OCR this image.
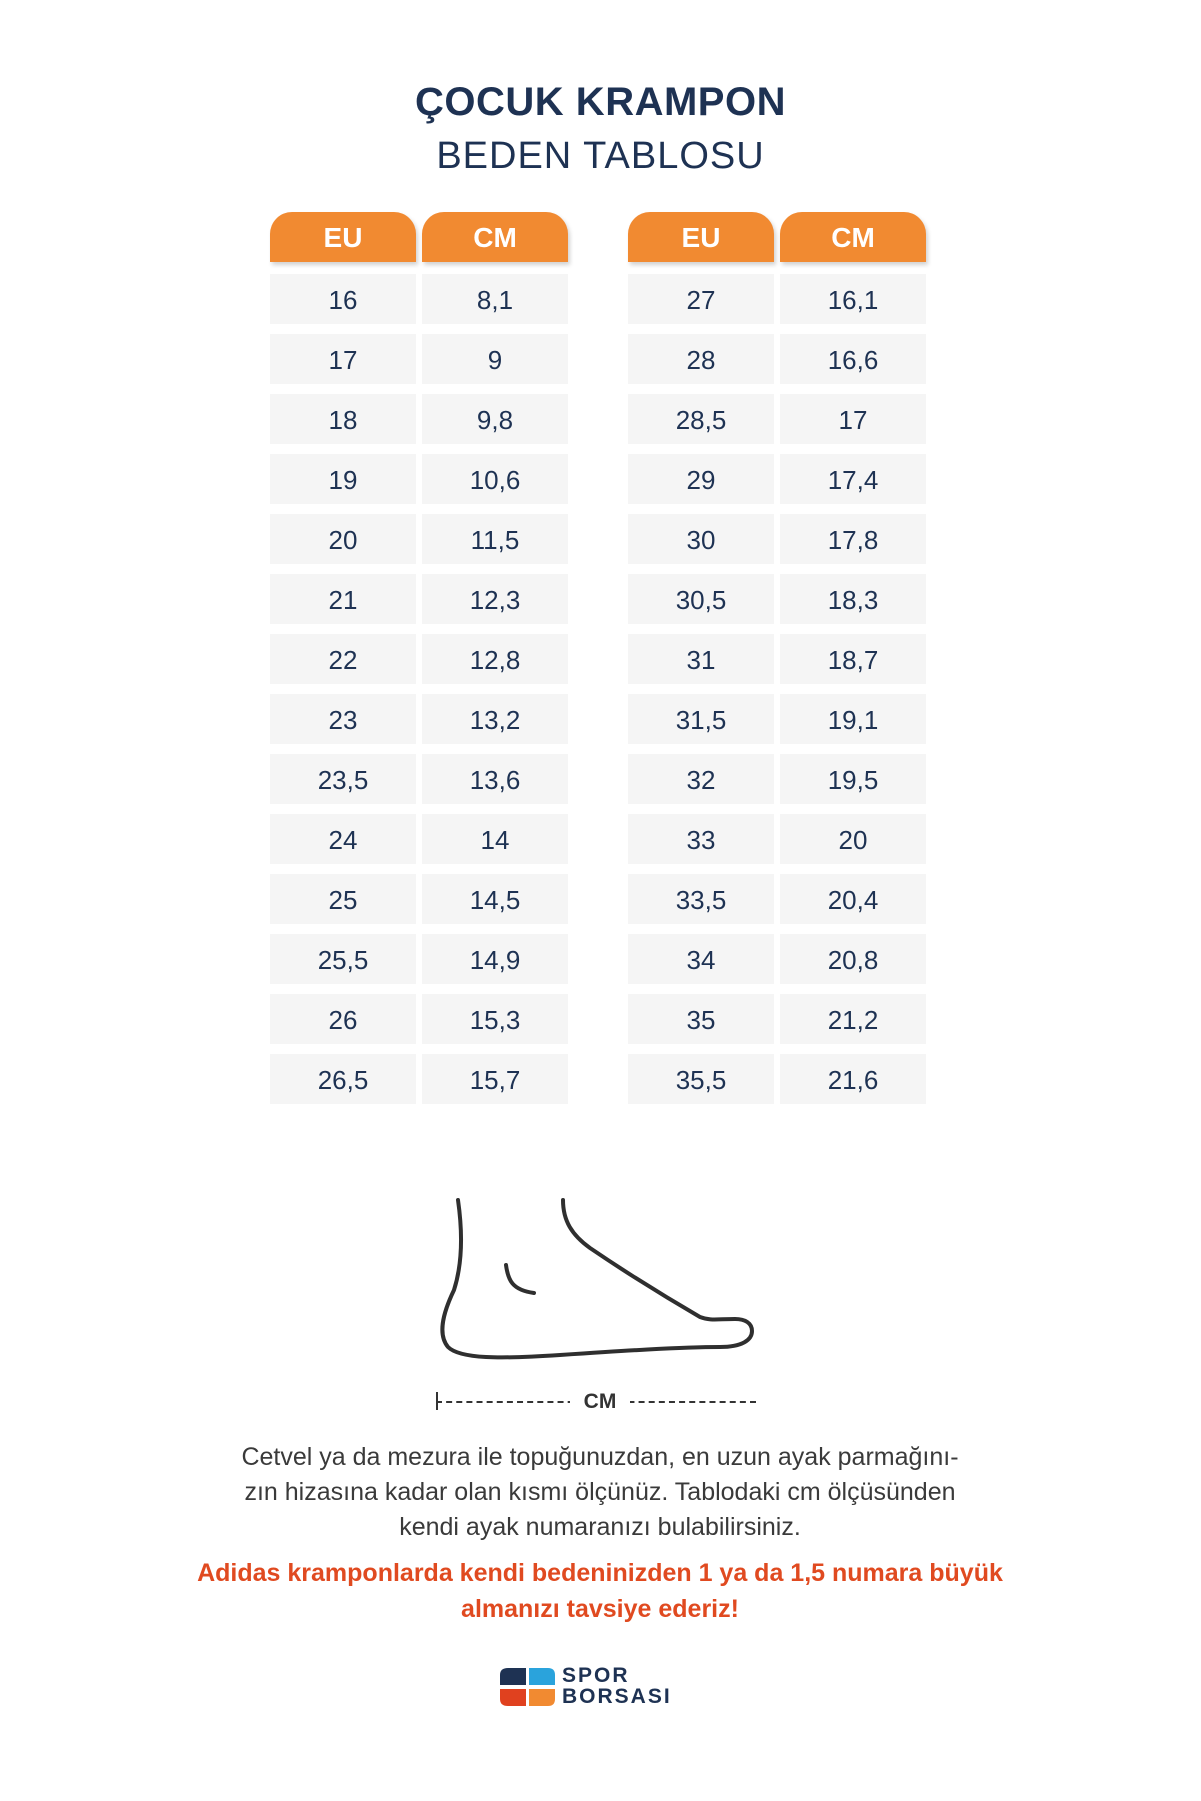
ÇOCUK KRAMPON
BEDEN TABLOSU
EU	CM
16	8,1
17	9
18	9,8
19	10,6
20	11,5
21	12,3
22	12,8
23	13,2
23,5	13,6
24	14
25	14,5
25,5	14,9
26	15,3
26,5	15,7
EU	CM
27	16,1
28	16,6
28,5	17
29	17,4
30	17,8
30,5	18,3
31	18,7
31,5	19,1
32	19,5
33	20
33,5	20,4
34	20,8
35	21,2
35,5	21,6
CM
Cetvel ya da mezura ile topuğunuzdan, en uzun ayak parmağını-
zın hizasına kadar olan kısmı ölçünüz. Tablodaki cm ölçüsünden
kendi ayak numaranızı bulabilirsiniz.
Adidas kramponlarda kendi bedeninizden 1 ya da 1,5 numara büyük
almanızı tavsiye ederiz!
SPOR
BORSASI
